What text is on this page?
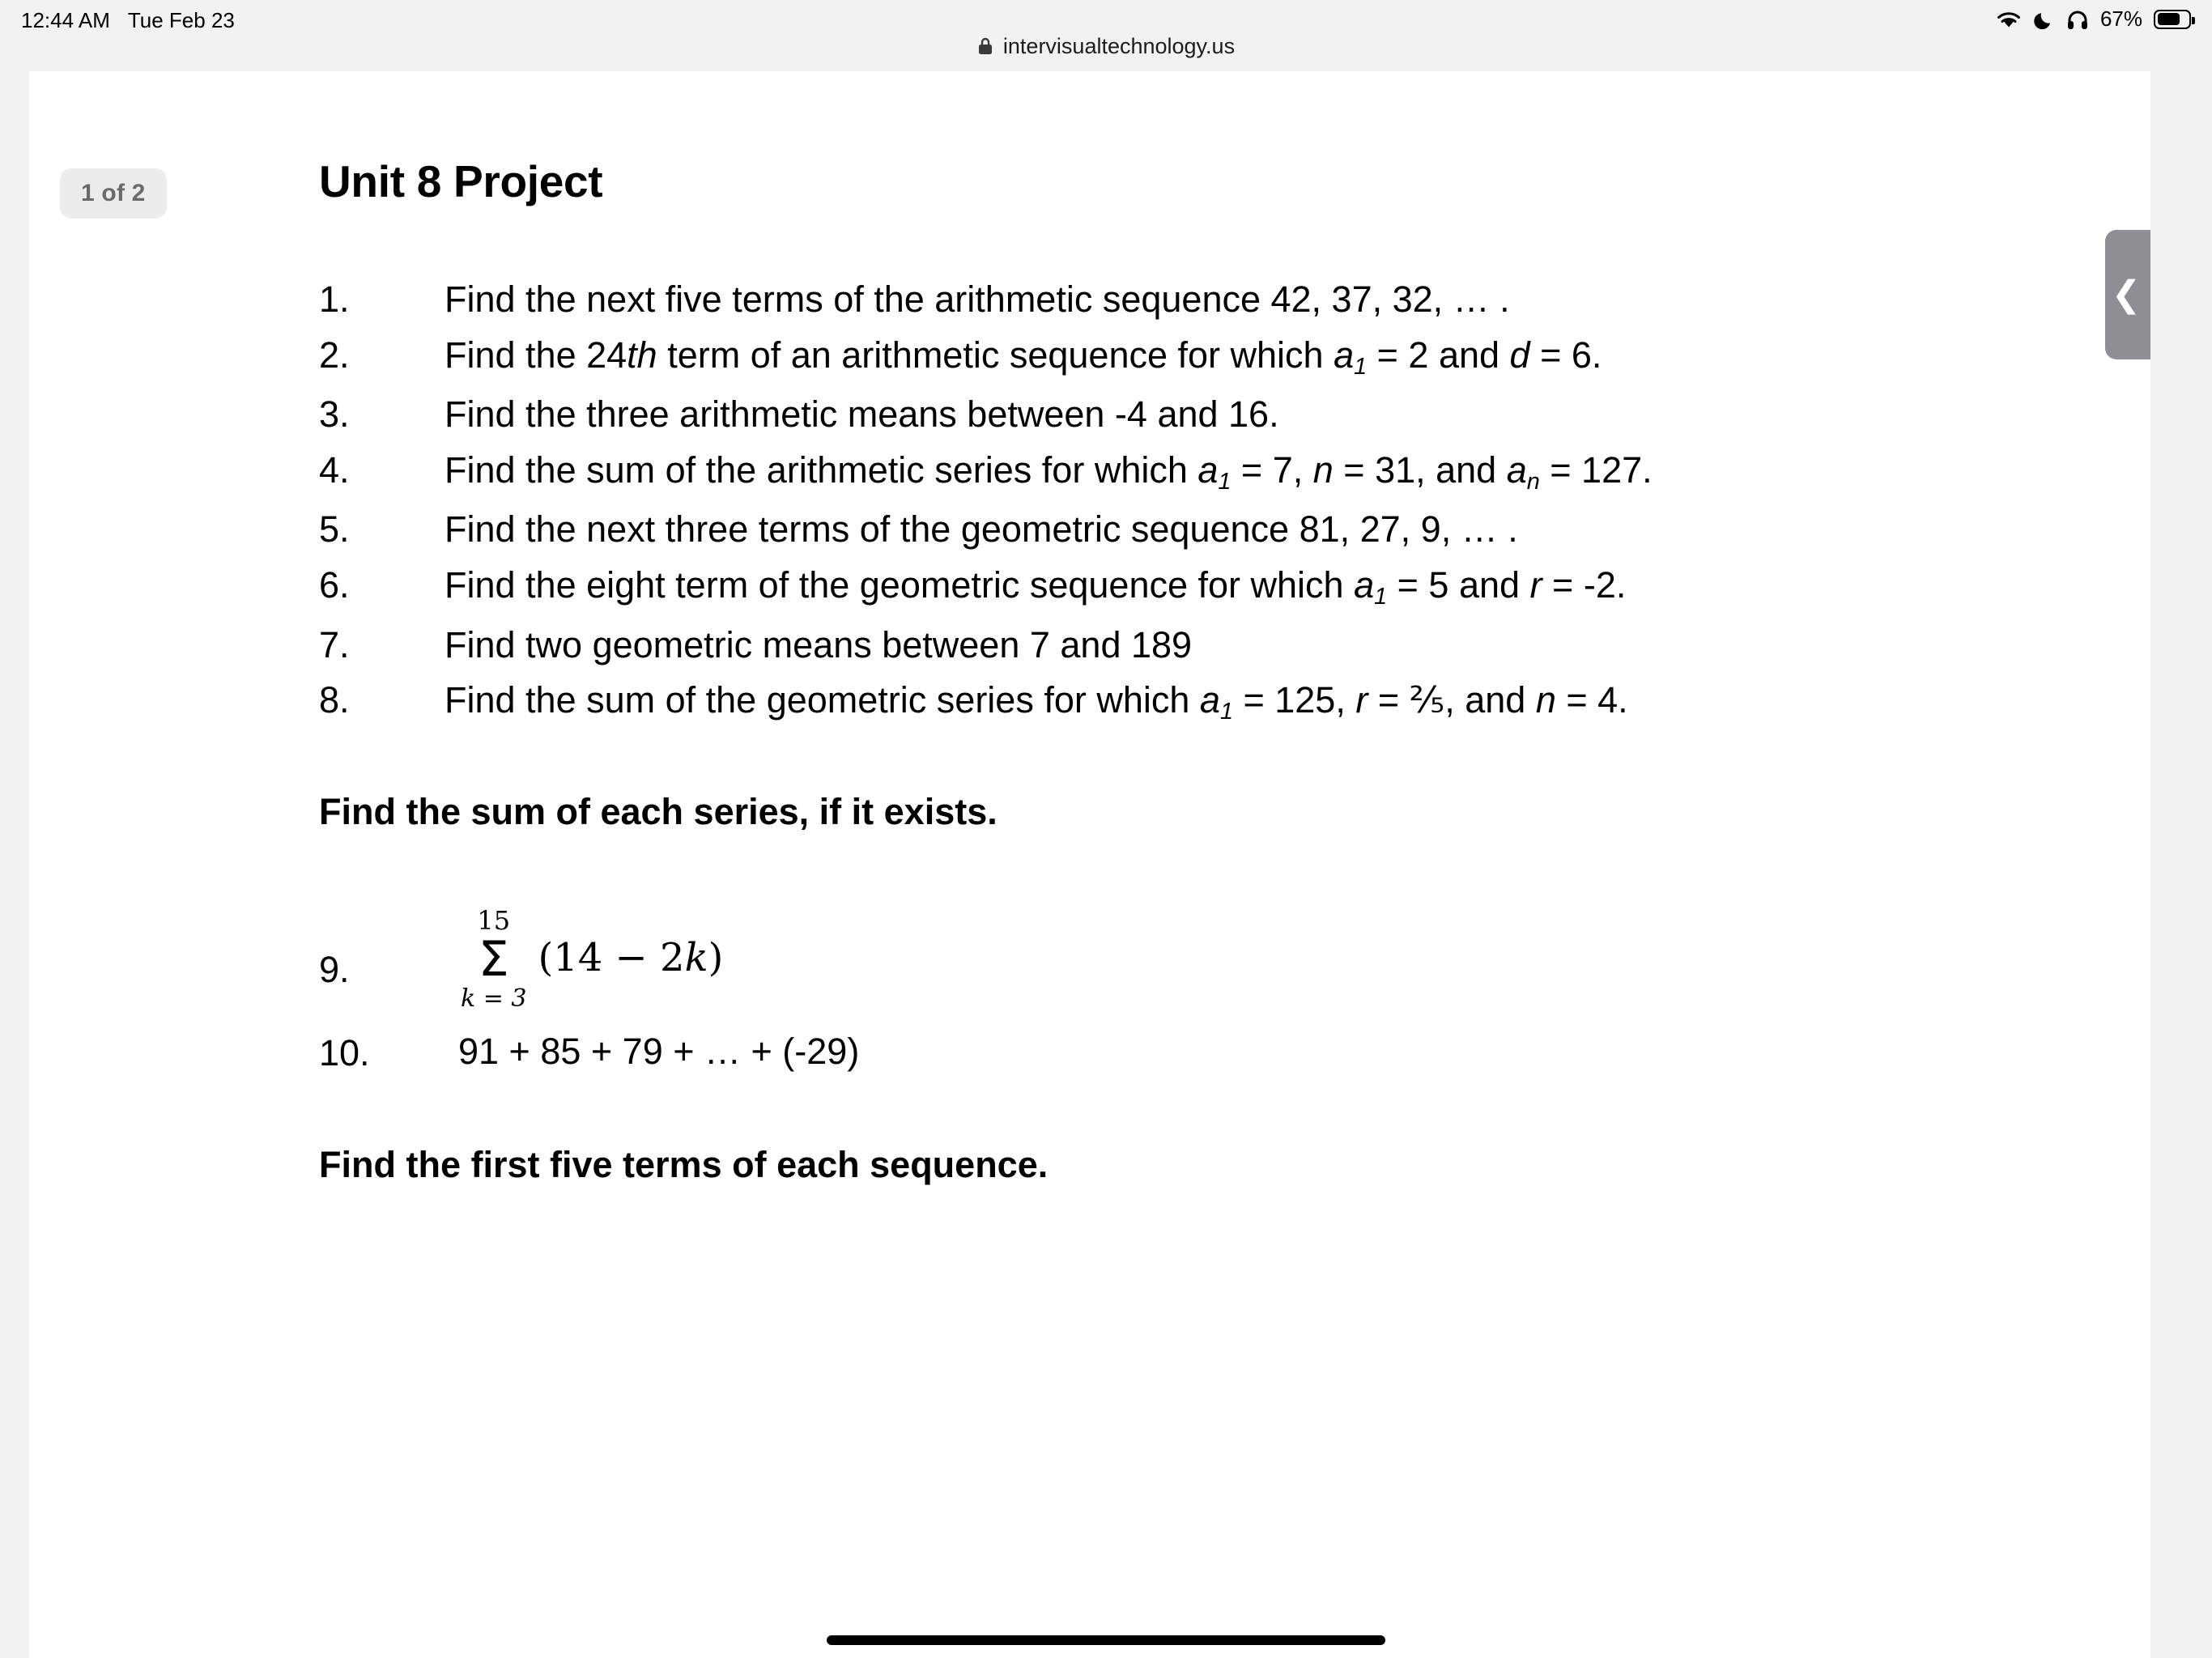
12:44 AM Tue Feb 23	67%
intervisualtechnology.us
Unit 8 Project
1.	Find the next five terms of the arithmetic sequence 42, 37, 32, … .
2.	Find the 24th term of an arithmetic sequence for which $a_1 = 2$ and d = 6.
3.	Find the three arithmetic means between -4 and 16.
4.	Find the sum of the arithmetic series for which $a_1 = 7$, n = 31, and $a_n = 127$.
5.	Find the next three terms of the geometric sequence 81, 27, 9, … .
6.	Find the eight term of the geometric sequence for which $a_1 = 5$ and r = -2.
7.	Find two geometric means between 7 and 189
8.	Find the sum of the geometric series for which $a_1 = 125$, r = ⅖, and n = 4.
Find the sum of each series, if it exists.
9.
15
Σ
k = 3
(14 − 2k)
10.	91 + 85 + 79 + … + (-29)
Find the first five terms of each sequence.
1 of 2
❮
